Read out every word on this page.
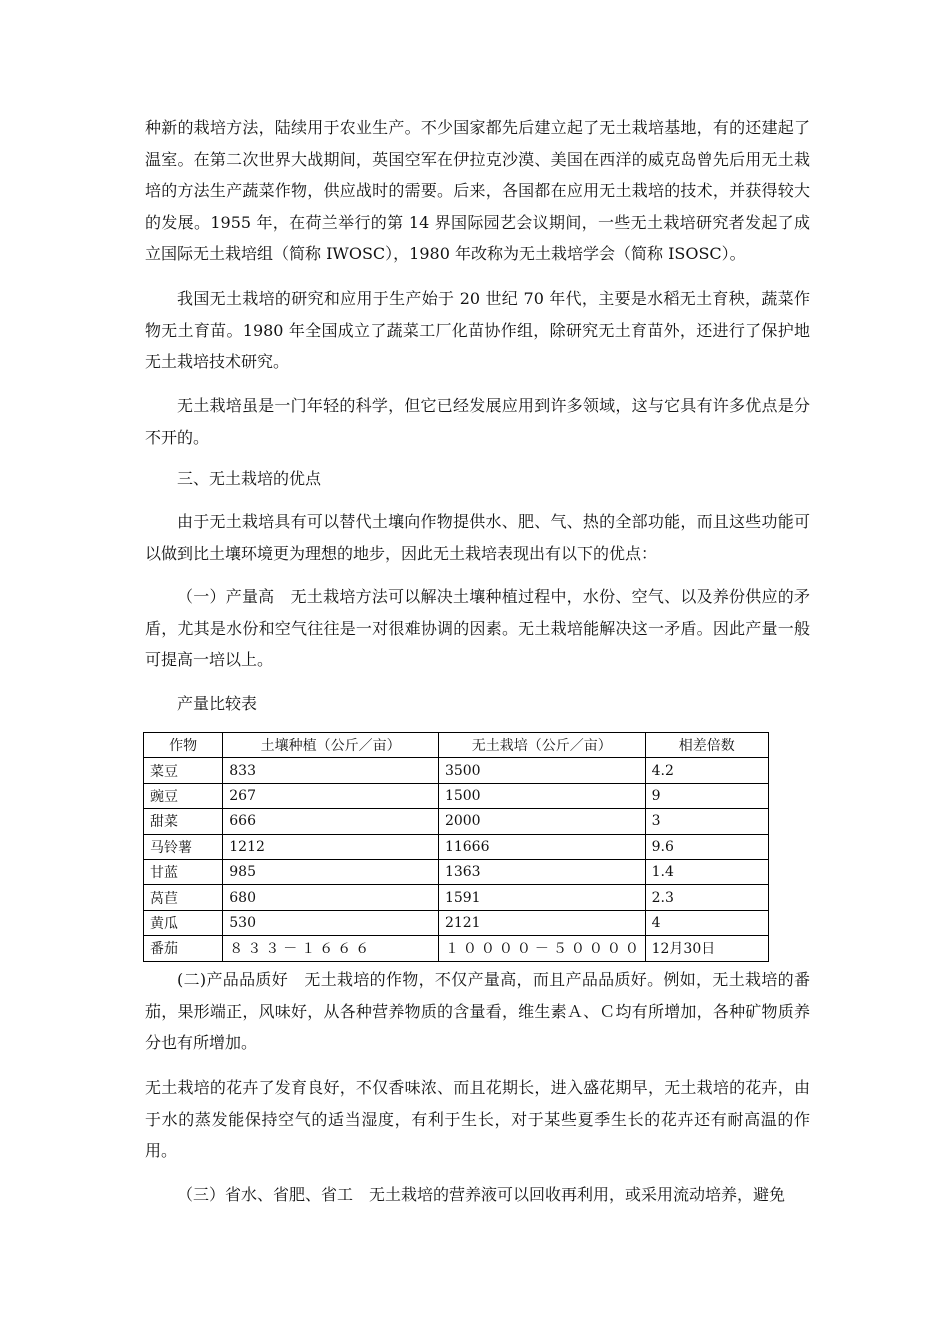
种新的栽培方法，陆续用于农业生产。不少国家都先后建立起了无土栽培基地，有的还建起了温室。在第二次世界大战期间，英国空军在伊拉克沙漠、美国在西洋的威克岛曾先后用无土栽培的方法生产蔬菜作物，供应战时的需要。后来，各国都在应用无土栽培的技术，并获得较大的发展。1955 年，在荷兰举行的第 14 界国际园艺会议期间，一些无土栽培研究者发起了成立国际无土栽培组（简称 IWOSC），1980 年改称为无土栽培学会（简称 ISOSC）。

我国无土栽培的研究和应用于生产始于 20 世纪 70 年代，主要是水稻无土育秧，蔬菜作物无土育苗。1980 年全国成立了蔬菜工厂化苗协作组，除研究无土育苗外，还进行了保护地无土栽培技术研究。

无土栽培虽是一门年轻的科学，但它已经发展应用到许多领域，这与它具有许多优点是分不开的。

三、无土栽培的优点

由于无土栽培具有可以替代土壤向作物提供水、肥、气、热的全部功能，而且这些功能可以做到比土壤环境更为理想的地步，因此无土栽培表现出有以下的优点：

（一）产量高　无土栽培方法可以解决土壤种植过程中，水份、空气、以及养份供应的矛盾，尤其是水份和空气往往是一对很难协调的因素。无土栽培能解决这一矛盾。因此产量一般可提高一培以上。

产量比较表

作物	土壤种植（公斤／亩）	无土栽培（公斤／亩）	相差倍数
菜豆	833	3500	4.2
豌豆	267	1500	9
甜菜	666	2000	3
马铃薯	1212	11666	9.6
甘蓝	985	1363	1.4
莴苣	680	1591	2.3
黄瓜	530	2121	4
番茄	８３３－１６６６	１００００－５００００	12月30日

(二)产品品质好　无土栽培的作物，不仅产量高，而且产品品质好。例如，无土栽培的番茄，果形端正，风味好，从各种营养物质的含量看，维生素Ａ、Ｃ均有所增加，各种矿物质养分也有所增加。

无土栽培的花卉了发育良好，不仅香味浓、而且花期长，进入盛花期早，无土栽培的花卉，由于水的蒸发能保持空气的适当湿度，有利于生长，对于某些夏季生长的花卉还有耐高温的作用。

（三）省水、省肥、省工　无土栽培的营养液可以回收再利用，或采用流动培养，避免
